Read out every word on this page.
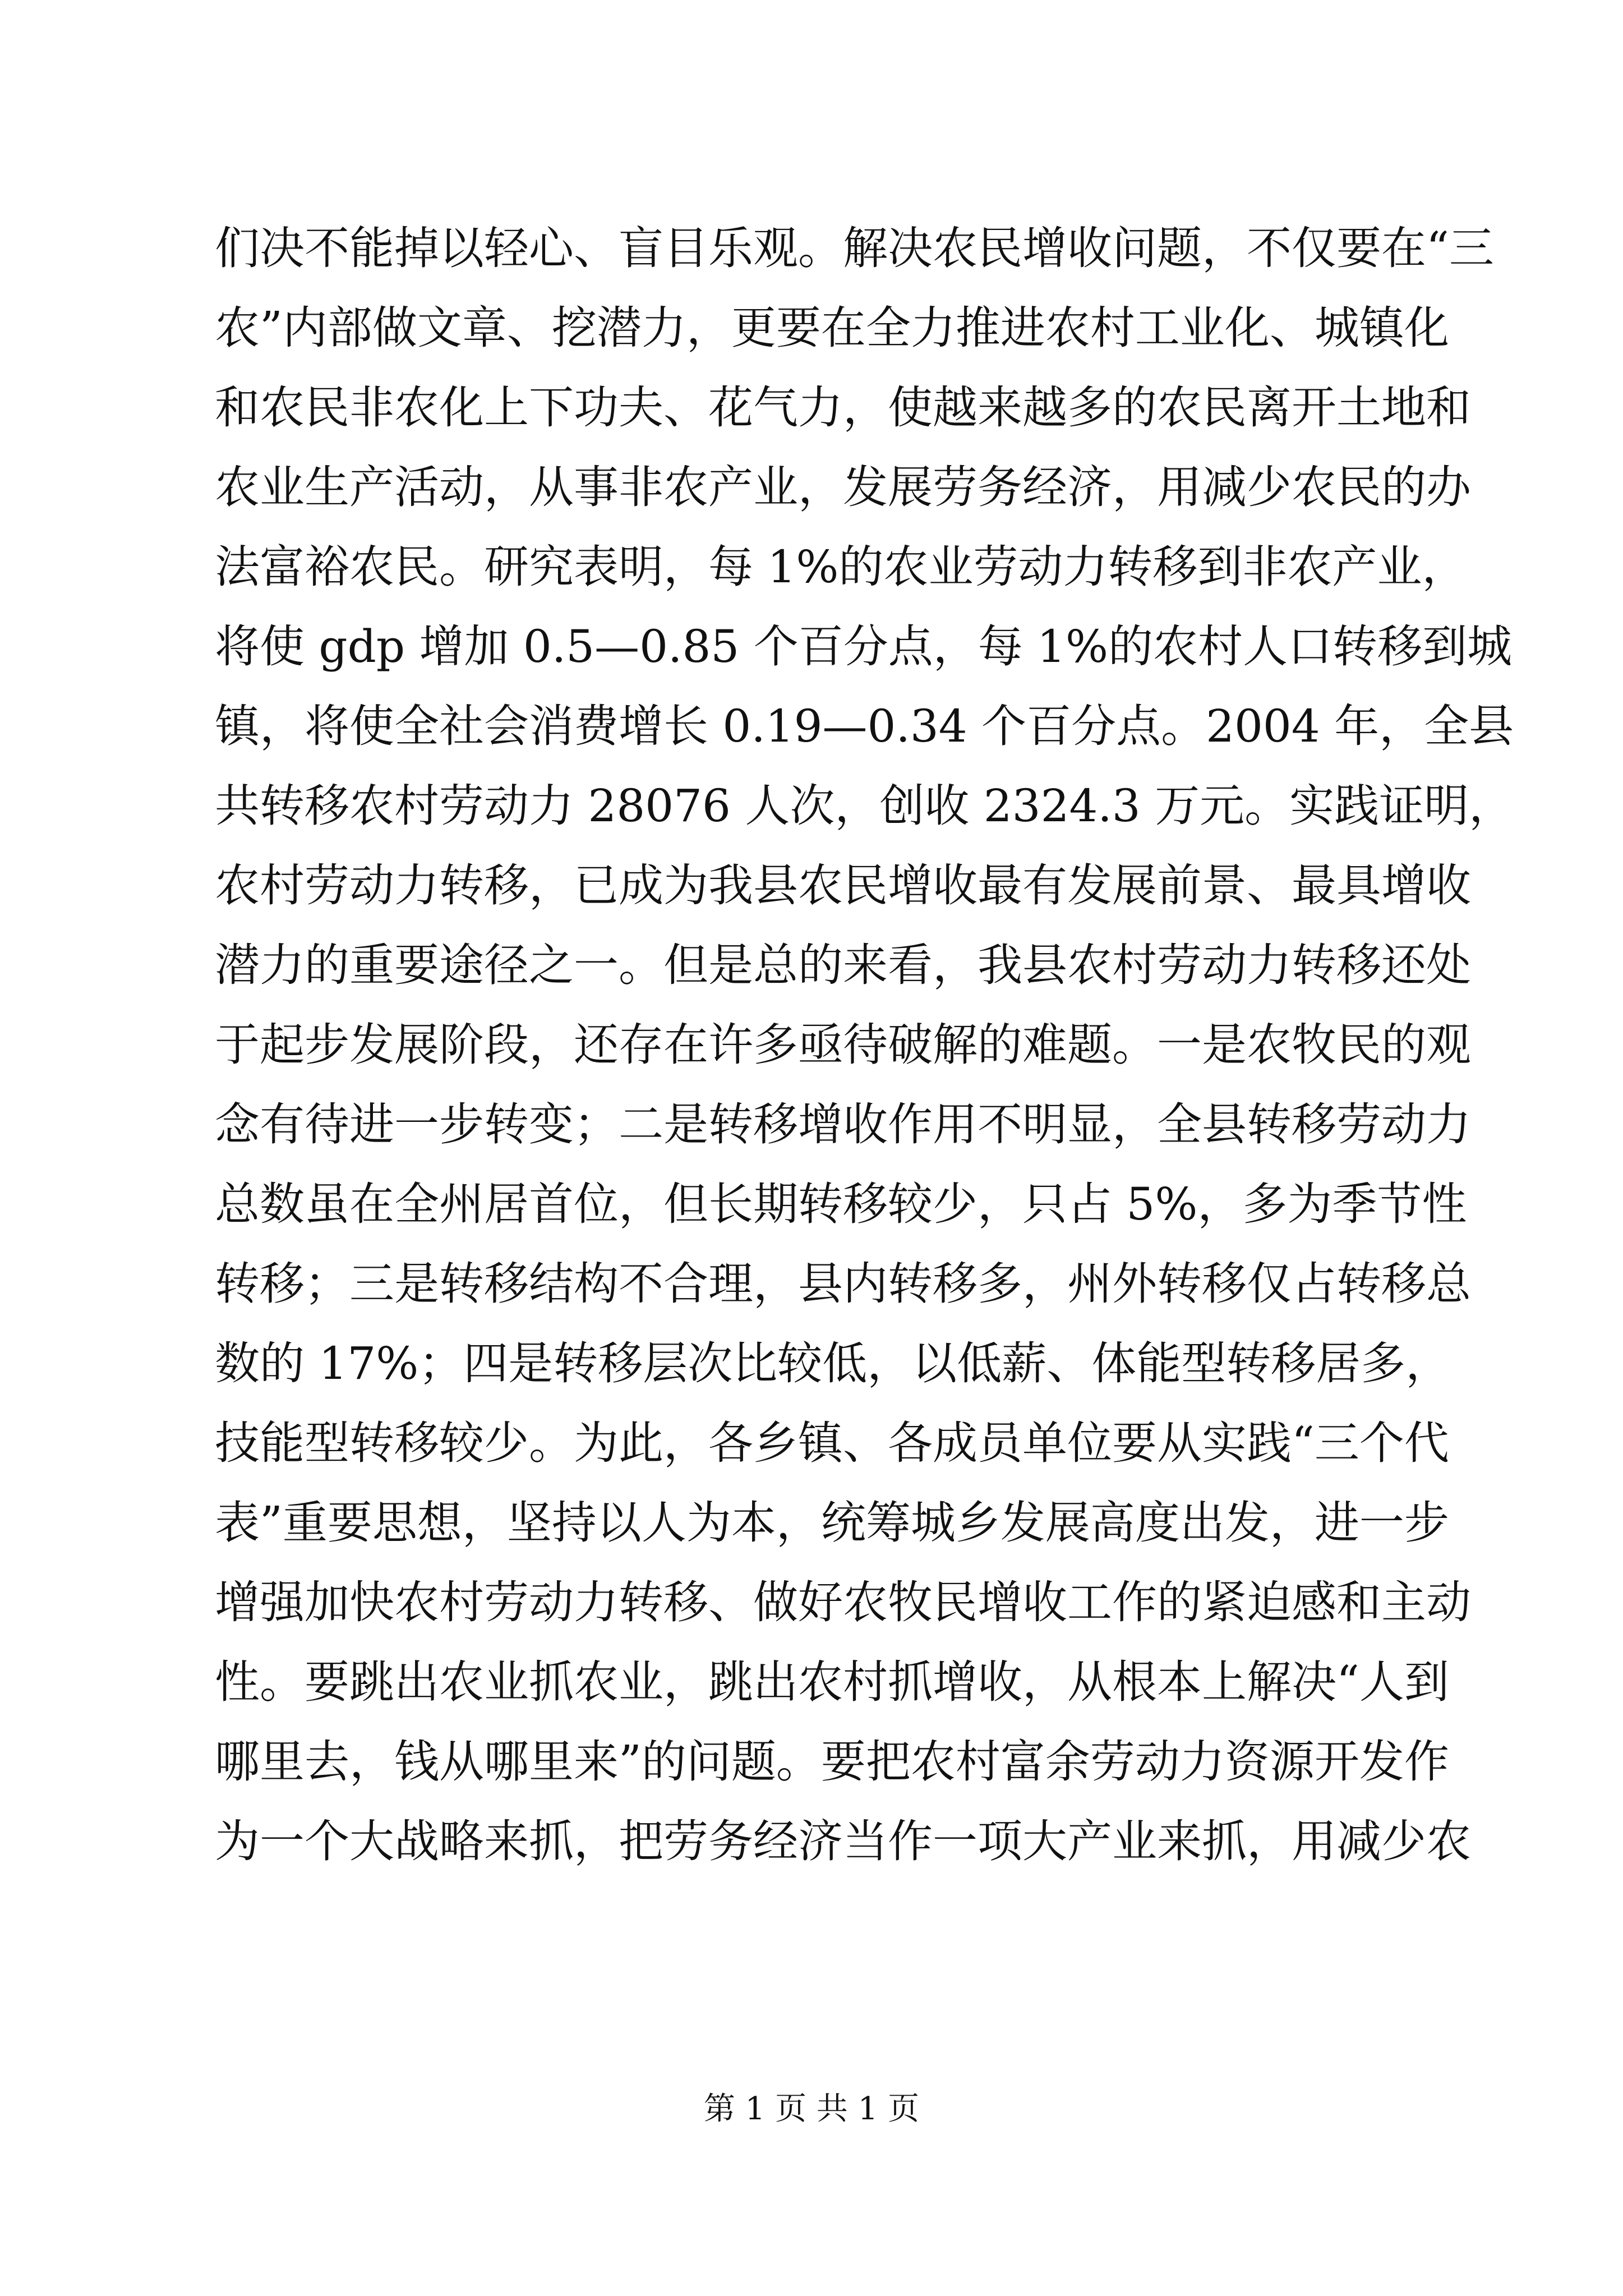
们决不能掉以轻心、盲目乐观。解决农民增收问题，不仅要在“三
农”内部做文章、挖潜力，更要在全力推进农村工业化、城镇化
和农民非农化上下功夫、花气力，使越来越多的农民离开土地和
农业生产活动，从事非农产业，发展劳务经济，用减少农民的办
法富裕农民。研究表明，每 1%的农业劳动力转移到非农产业，
将使 gdp 增加 0.5—0.85 个百分点，每 1%的农村人口转移到城
镇，将使全社会消费增长 0.19—0.34 个百分点。2004 年，全县
共转移农村劳动力 28076 人次，创收 2324.3 万元。实践证明，
农村劳动力转移，已成为我县农民增收最有发展前景、最具增收
潜力的重要途径之一。但是总的来看，我县农村劳动力转移还处
于起步发展阶段，还存在许多亟待破解的难题。一是农牧民的观
念有待进一步转变；二是转移增收作用不明显，全县转移劳动力
总数虽在全州居首位，但长期转移较少，只占 5%，多为季节性
转移；三是转移结构不合理，县内转移多，州外转移仅占转移总
数的 17%；四是转移层次比较低，以低薪、体能型转移居多，
技能型转移较少。为此，各乡镇、各成员单位要从实践“三个代
表”重要思想，坚持以人为本，统筹城乡发展高度出发，进一步
增强加快农村劳动力转移、做好农牧民增收工作的紧迫感和主动
性。要跳出农业抓农业，跳出农村抓增收，从根本上解决“人到
哪里去，钱从哪里来”的问题。要把农村富余劳动力资源开发作
为一个大战略来抓，把劳务经济当作一项大产业来抓，用减少农
第 1 页 共 1 页
